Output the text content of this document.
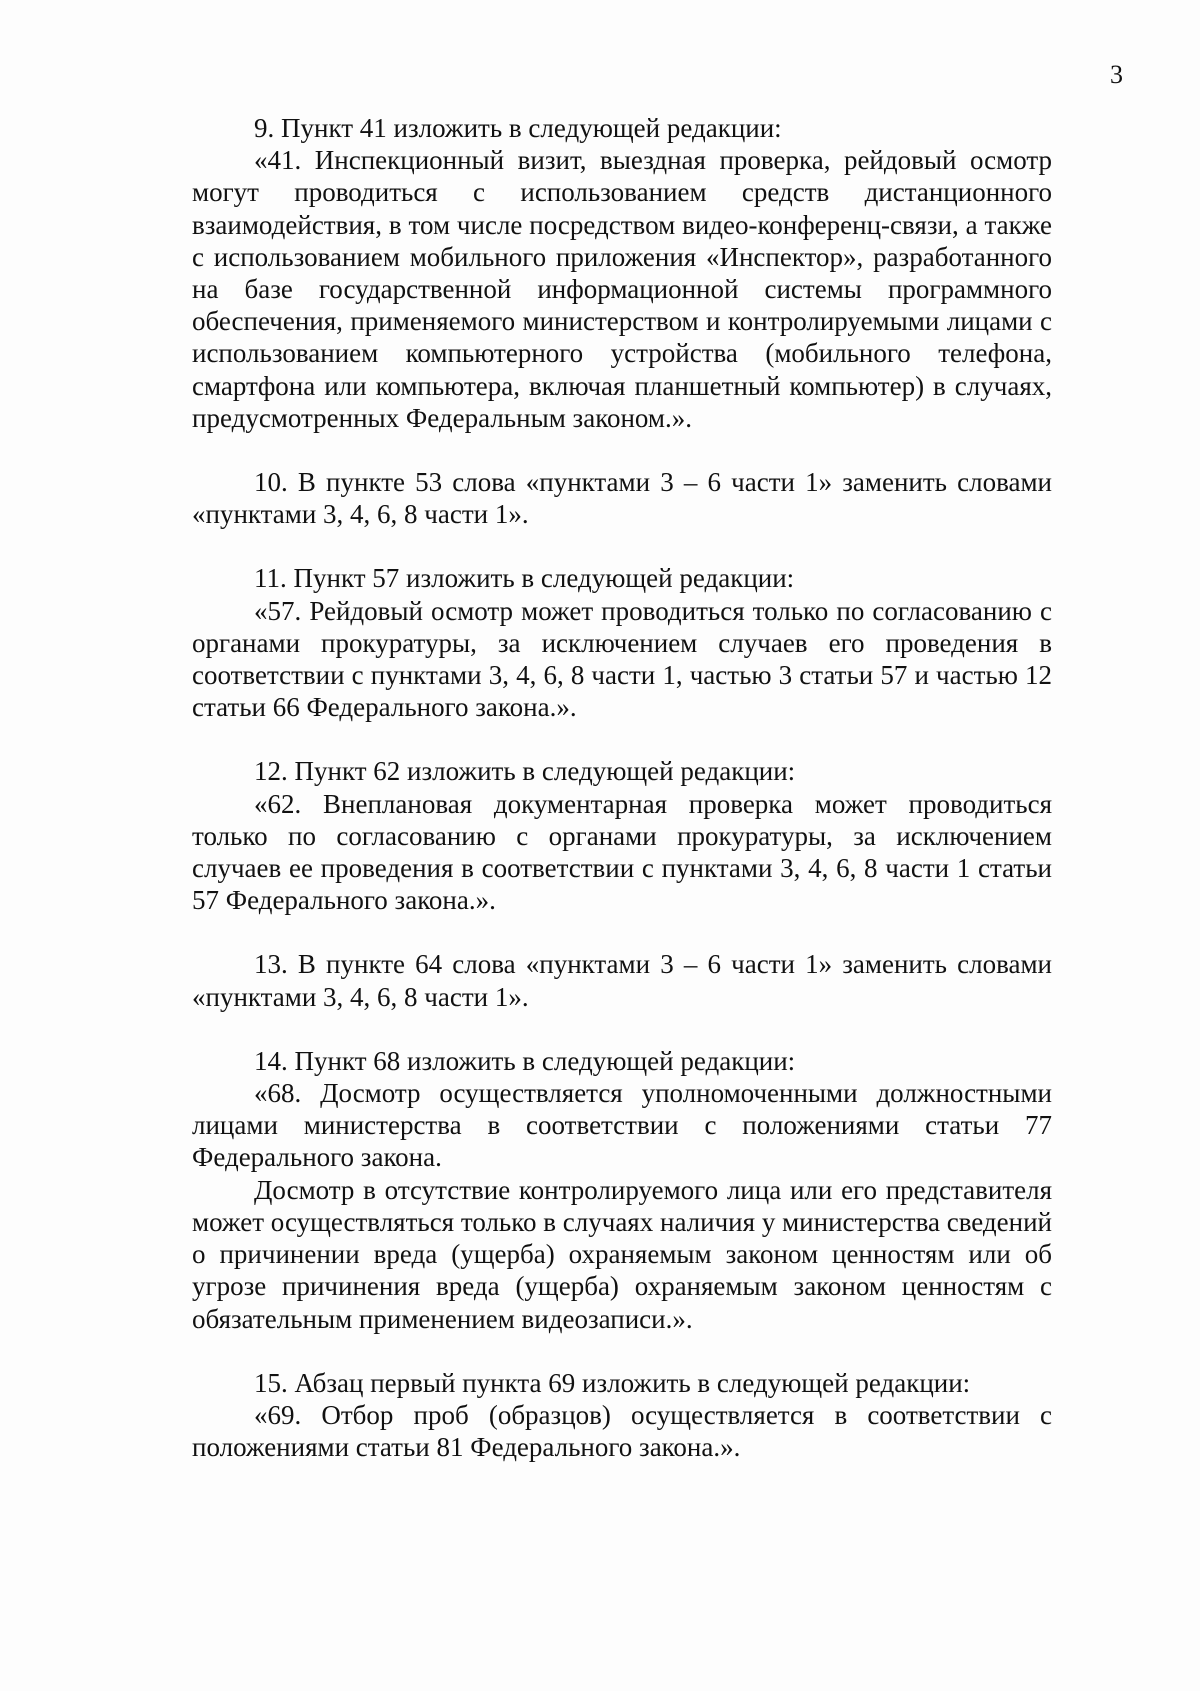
3

9. Пункт 41 изложить в следующей редакции:

«41. Инспекционный визит, выездная проверка, рейдовый осмотр могут проводиться с использованием средств дистанционного взаимодействия, в том числе посредством видео-конференц-связи, а также с использованием мобильного приложения «Инспектор», разработанного на базе государственной информационной системы программного обеспечения, применяемого министерством и контролируемыми лицами с использованием компьютерного устройства (мобильного телефона, смартфона или компьютера, включая планшетный компьютер) в случаях, предусмотренных Федеральным законом.».

10. В пункте 53 слова «пунктами 3 – 6 части 1» заменить словами «пунктами 3, 4, 6, 8 части 1».

11. Пункт 57 изложить в следующей редакции:

«57. Рейдовый осмотр может проводиться только по согласованию с органами прокуратуры, за исключением случаев его проведения в соответствии с пунктами 3, 4, 6, 8 части 1, частью 3 статьи 57 и частью 12 статьи 66 Федерального закона.».

12. Пункт 62 изложить в следующей редакции:

«62. Внеплановая документарная проверка может проводиться только по согласованию с органами прокуратуры, за исключением случаев ее проведения в соответствии с пунктами 3, 4, 6, 8 части 1 статьи 57 Федерального закона.».

13. В пункте 64 слова «пунктами 3 – 6 части 1» заменить словами «пунктами 3, 4, 6, 8 части 1».

14. Пункт 68 изложить в следующей редакции:

«68. Досмотр осуществляется уполномоченными должностными лицами министерства в соответствии с положениями статьи 77 Федерального закона.

Досмотр в отсутствие контролируемого лица или его представителя может осуществляться только в случаях наличия у министерства сведений о причинении вреда (ущерба) охраняемым законом ценностям или об угрозе причинения вреда (ущерба) охраняемым законом ценностям с обязательным применением видеозаписи.».

15. Абзац первый пункта 69 изложить в следующей редакции:

«69. Отбор проб (образцов) осуществляется в соответствии с положениями статьи 81 Федерального закона.».
